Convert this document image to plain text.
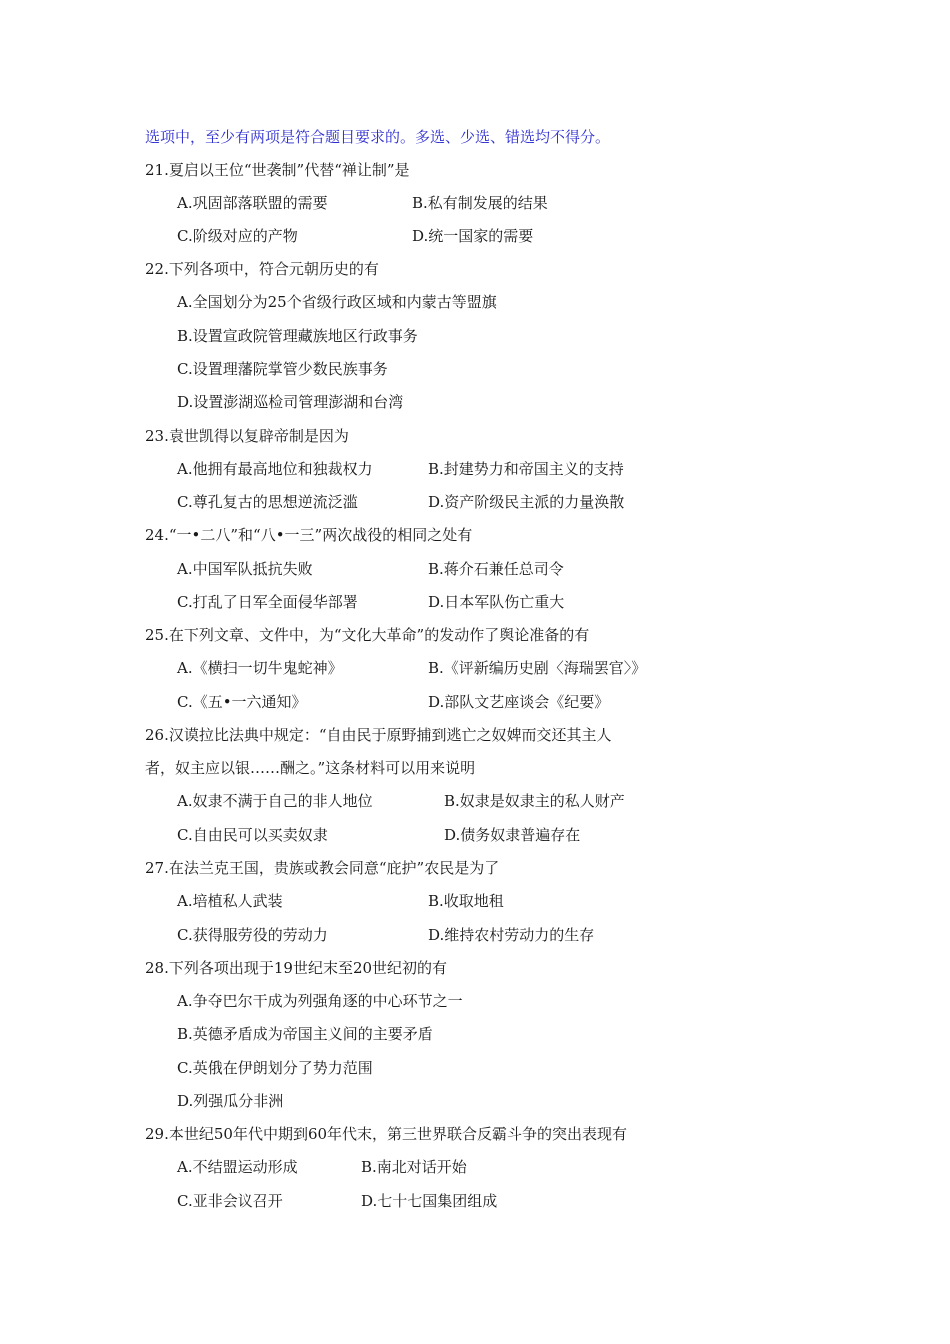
选项中，至少有两项是符合题目要求的。多选、少选、错选均不得分。
21.夏启以王位“世袭制”代替“禅让制”是
A.巩固部落联盟的需要	B.私有制发展的结果
C.阶级对应的产物	D.统一国家的需要
22.下列各项中，符合元朝历史的有
A.全国划分为25个省级行政区域和内蒙古等盟旗
B.设置宣政院管理藏族地区行政事务
C.设置理藩院掌管少数民族事务
D.设置澎湖巡检司管理澎湖和台湾
23.袁世凯得以复辟帝制是因为
A.他拥有最高地位和独裁权力	B.封建势力和帝国主义的支持
C.尊孔复古的思想逆流泛滥	D.资产阶级民主派的力量涣散
24.“一•二八”和“八•一三”两次战役的相同之处有
A.中国军队抵抗失败	B.蒋介石兼任总司令
C.打乱了日军全面侵华部署	D.日本军队伤亡重大
25.在下列文章、文件中，为“文化大革命”的发动作了舆论准备的有
A.《横扫一切牛鬼蛇神》	B.《评新编历史剧〈海瑞罢官〉》
C.《五•一六通知》	D.部队文艺座谈会《纪要》
26.汉谟拉比法典中规定：“自由民于原野捕到逃亡之奴婢而交还其主人
者，奴主应以银……酬之。”这条材料可以用来说明
A.奴隶不满于自己的非人地位	B.奴隶是奴隶主的私人财产
C.自由民可以买卖奴隶	D.债务奴隶普遍存在
27.在法兰克王国，贵族或教会同意“庇护”农民是为了
A.培植私人武装	B.收取地租
C.获得服劳役的劳动力	D.维持农村劳动力的生存
28.下列各项出现于19世纪末至20世纪初的有
A.争夺巴尔干成为列强角逐的中心环节之一
B.英德矛盾成为帝国主义间的主要矛盾
C.英俄在伊朗划分了势力范围
D.列强瓜分非洲
29.本世纪50年代中期到60年代末，第三世界联合反霸斗争的突出表现有
A.不结盟运动形成	B.南北对话开始
C.亚非会议召开	D.七十七国集团组成
